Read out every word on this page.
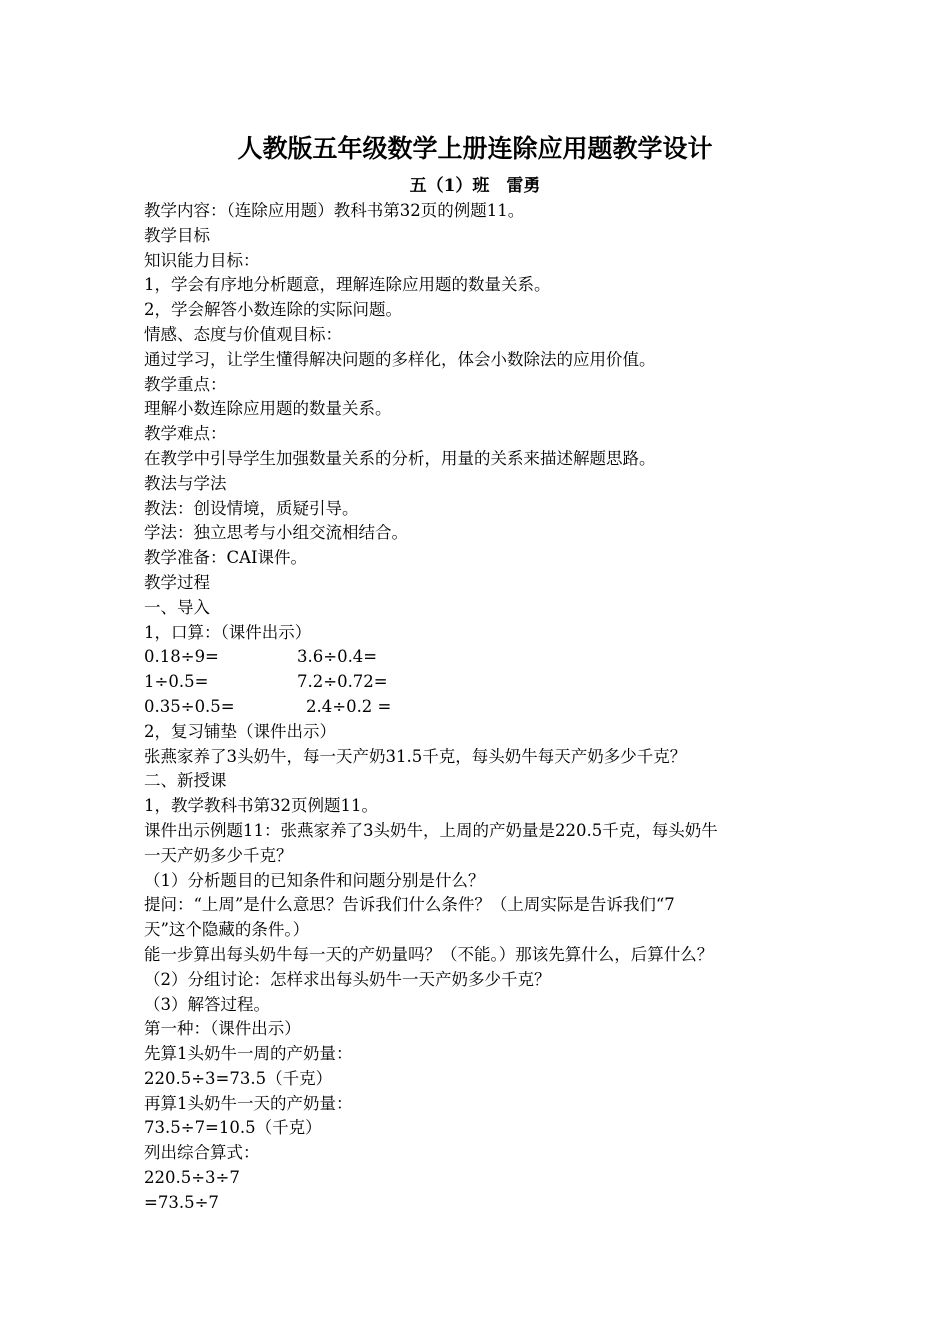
人教版五年级数学上册连除应用题教学设计
五（1）班　雷勇
教学内容：（连除应用题）教科书第32页的例题11。
教学目标
知识能力目标：
1，学会有序地分析题意，理解连除应用题的数量关系。
2，学会解答小数连除的实际问题。
情感、态度与价值观目标：
通过学习，让学生懂得解决问题的多样化，体会小数除法的应用价值。
教学重点：
理解小数连除应用题的数量关系。
教学难点：
在教学中引导学生加强数量关系的分析，用量的关系来描述解题思路。
教法与学法
教法：创设情境，质疑引导。
学法：独立思考与小组交流相结合。
教学准备：CAI课件。
教学过程
一、导入
1，口算：（课件出示）
0.18÷9=	3.6÷0.4=
1÷0.5=	7.2÷0.72=
0.35÷0.5=	2.4÷0.2 =
2，复习铺垫（课件出示）
张燕家养了3头奶牛，每一天产奶31.5千克，每头奶牛每天产奶多少千克？
二、新授课
1，教学教科书第32页例题11。
课件出示例题11：张燕家养了3头奶牛，上周的产奶量是220.5千克，每头奶牛
一天产奶多少千克？
（1）分析题目的已知条件和问题分别是什么？
提问：“上周”是什么意思？告诉我们什么条件？（上周实际是告诉我们“7
天”这个隐藏的条件。）
能一步算出每头奶牛每一天的产奶量吗？（不能。）那该先算什么，后算什么？
（2）分组讨论：怎样求出每头奶牛一天产奶多少千克？
（3）解答过程。
第一种：（课件出示）
先算1头奶牛一周的产奶量：
220.5÷3=73.5（千克）
再算1头奶牛一天的产奶量：
73.5÷7=10.5（千克）
列出综合算式：
220.5÷3÷7
=73.5÷7
